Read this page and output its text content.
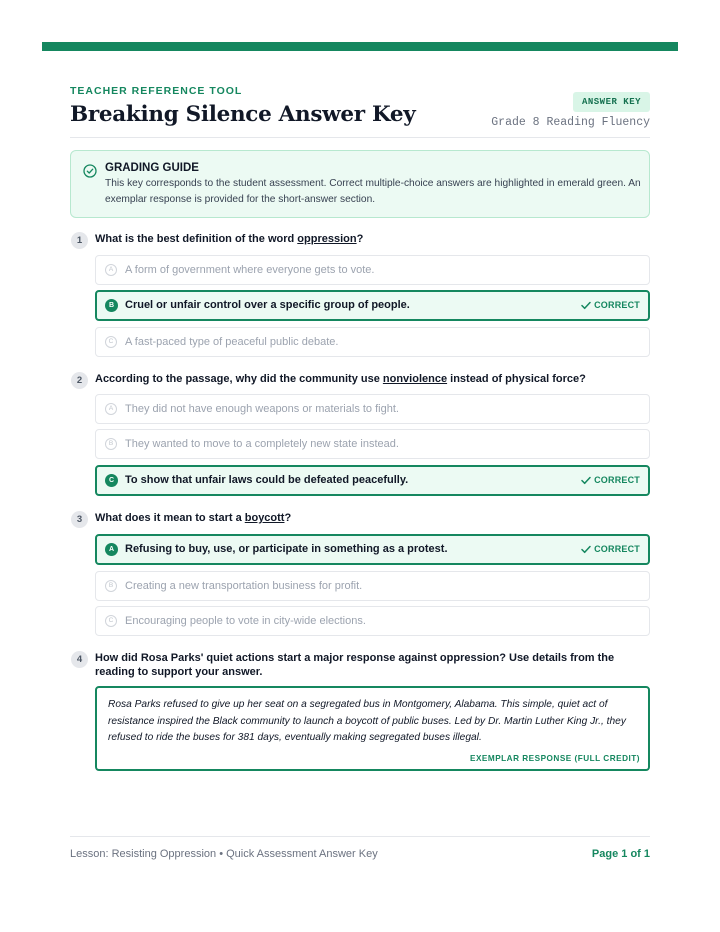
TEACHER REFERENCE TOOL
Breaking Silence Answer Key	ANSWER KEY
Grade 8 Reading Fluency
GRADING GUIDE
This key corresponds to the student assessment. Correct multiple-choice answers are highlighted in emerald green. An exemplar response is provided for the short-answer section.
1	What is the best definition of the word oppression?
A	A form of government where everyone gets to vote.
B Cruel or unfair control over a specific group of people.	CORRECT
C	A fast-paced type of peaceful public debate.
2	According to the passage, why did the community use nonviolence instead of physical force?
A	They did not have enough weapons or materials to fight.
B	They wanted to move to a completely new state instead.
C To show that unfair laws could be defeated peacefully.	CORRECT
3	What does it mean to start a boycott?
A Refusing to buy, use, or participate in something as a protest.	CORRECT
B	Creating a new transportation business for profit.
C	Encouraging people to vote in city-wide elections.
4	How did Rosa Parks' quiet actions start a major response against oppression? Use details from the reading to support your answer.
Rosa Parks refused to give up her seat on a segregated bus in Montgomery, Alabama. This simple, quiet act of resistance inspired the Black community to launch a boycott of public buses. Led by Dr. Martin Luther King Jr., they refused to ride the buses for 381 days, eventually making segregated buses illegal.
EXEMPLAR RESPONSE (FULL CREDIT)
Lesson: Resisting Oppression • Quick Assessment Answer Key	Page 1 of 1
